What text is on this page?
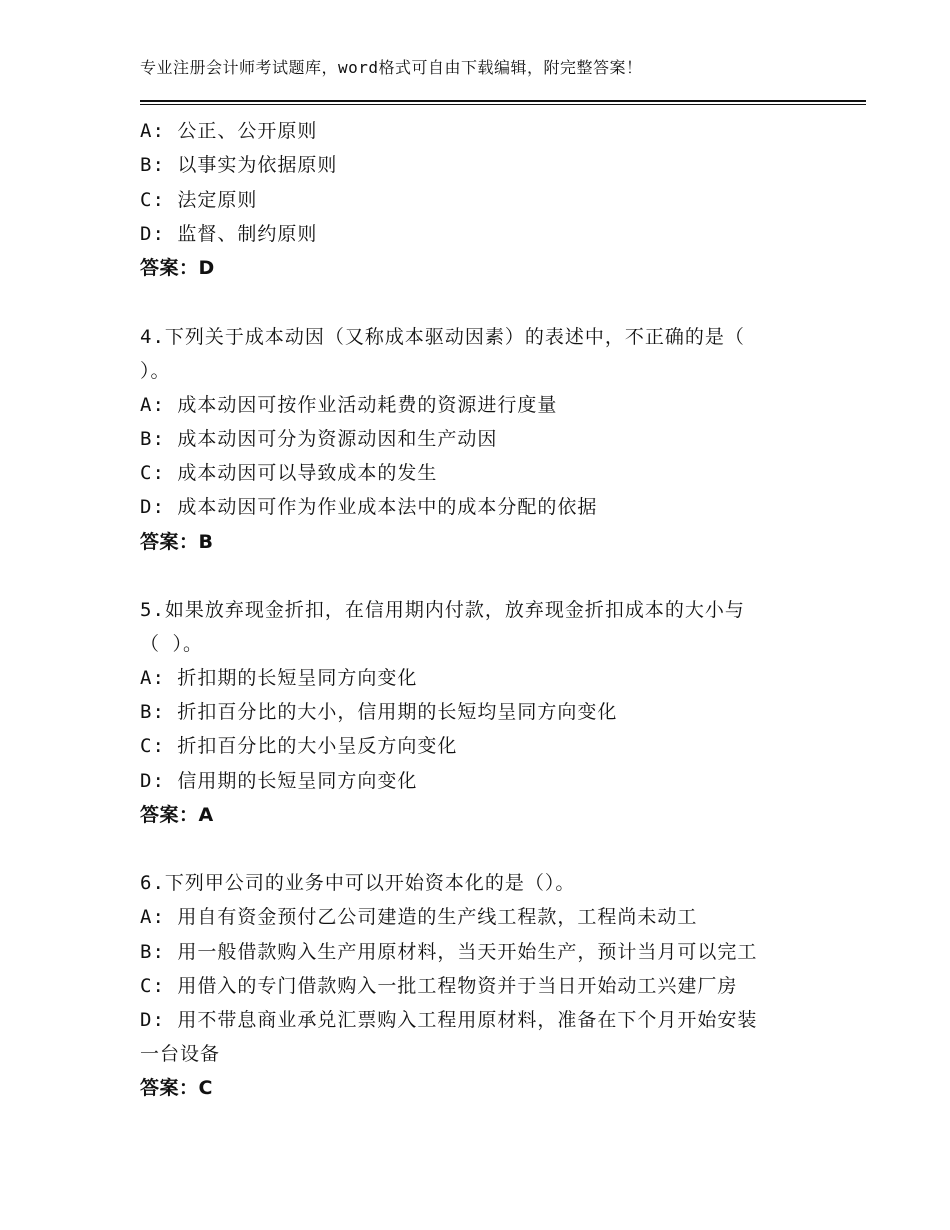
专业注册会计师考试题库，word格式可自由下载编辑，附完整答案！
A: 公正、公开原则
B: 以事实为依据原则
C: 法定原则
D: 监督、制约原则
答案：D
4.下列关于成本动因（又称成本驱动因素）的表述中，不正确的是（
）。
A: 成本动因可按作业活动耗费的资源进行度量
B: 成本动因可分为资源动因和生产动因
C: 成本动因可以导致成本的发生
D: 成本动因可作为作业成本法中的成本分配的依据
答案：B
5.如果放弃现金折扣，在信用期内付款，放弃现金折扣成本的大小与
（ ）。
A: 折扣期的长短呈同方向变化
B: 折扣百分比的大小，信用期的长短均呈同方向变化
C: 折扣百分比的大小呈反方向变化
D: 信用期的长短呈同方向变化
答案：A
6.下列甲公司的业务中可以开始资本化的是（）。
A: 用自有资金预付乙公司建造的生产线工程款，工程尚未动工
B: 用一般借款购入生产用原材料，当天开始生产，预计当月可以完工
C: 用借入的专门借款购入一批工程物资并于当日开始动工兴建厂房
D: 用不带息商业承兑汇票购入工程用原材料，准备在下个月开始安装
一台设备
答案：C
